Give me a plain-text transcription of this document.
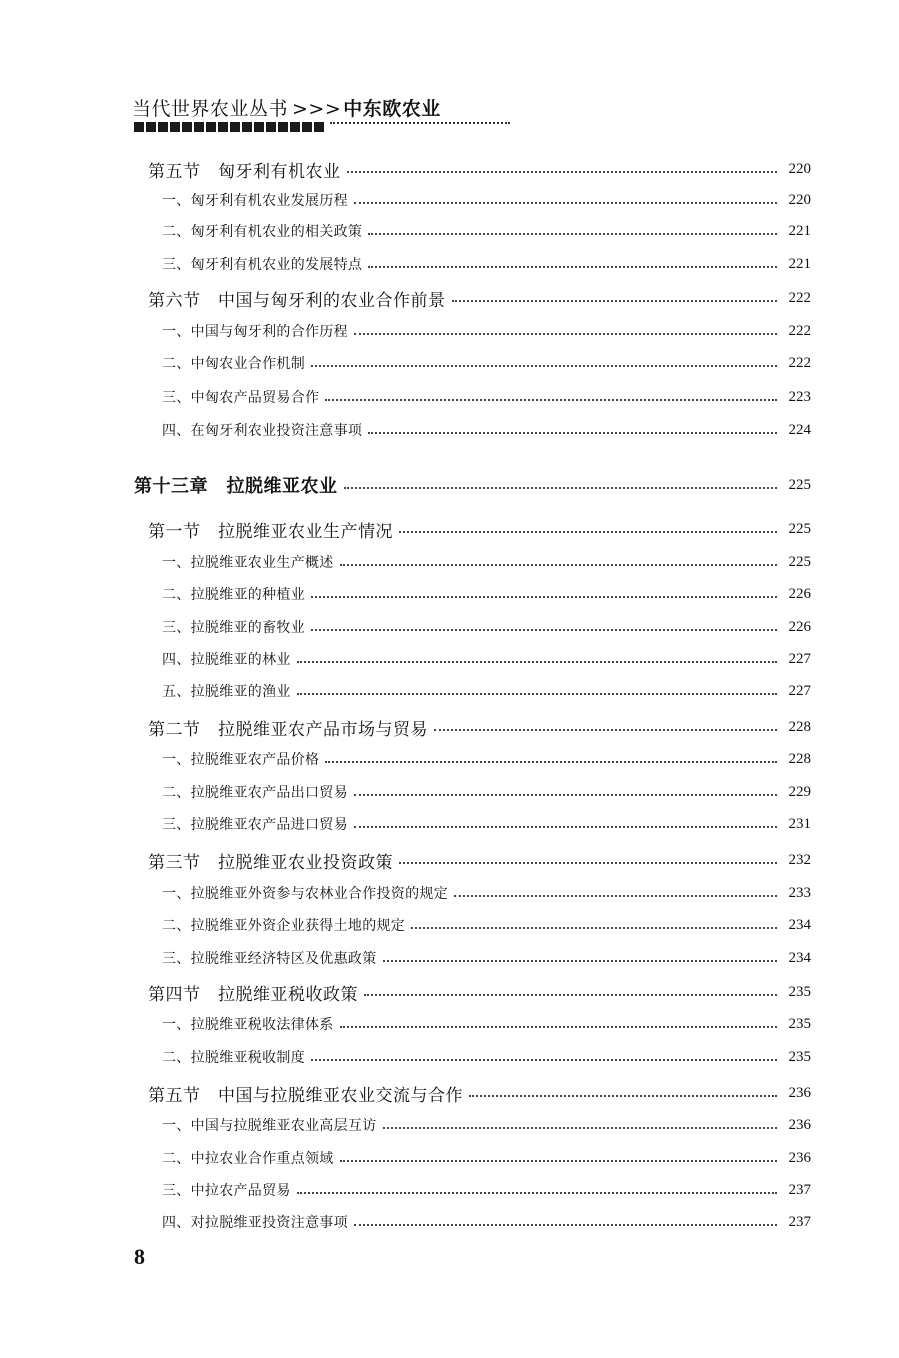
当代世界农业丛书 >>> 中东欧农业
第五节　匈牙利有机农业	220
一、匈牙利有机农业发展历程	220
二、匈牙利有机农业的相关政策	221
三、匈牙利有机农业的发展特点	221
第六节　中国与匈牙利的农业合作前景	222
一、中国与匈牙利的合作历程	222
二、中匈农业合作机制	222
三、中匈农产品贸易合作	223
四、在匈牙利农业投资注意事项	224
第十三章　拉脱维亚农业	225
第一节　拉脱维亚农业生产情况	225
一、拉脱维亚农业生产概述	225
二、拉脱维亚的种植业	226
三、拉脱维亚的畜牧业	226
四、拉脱维亚的林业	227
五、拉脱维亚的渔业	227
第二节　拉脱维亚农产品市场与贸易	228
一、拉脱维亚农产品价格	228
二、拉脱维亚农产品出口贸易	229
三、拉脱维亚农产品进口贸易	231
第三节　拉脱维亚农业投资政策	232
一、拉脱维亚外资参与农林业合作投资的规定	233
二、拉脱维亚外资企业获得土地的规定	234
三、拉脱维亚经济特区及优惠政策	234
第四节　拉脱维亚税收政策	235
一、拉脱维亚税收法律体系	235
二、拉脱维亚税收制度	235
第五节　中国与拉脱维亚农业交流与合作	236
一、中国与拉脱维亚农业高层互访	236
二、中拉农业合作重点领域	236
三、中拉农产品贸易	237
四、对拉脱维亚投资注意事项	237
8
